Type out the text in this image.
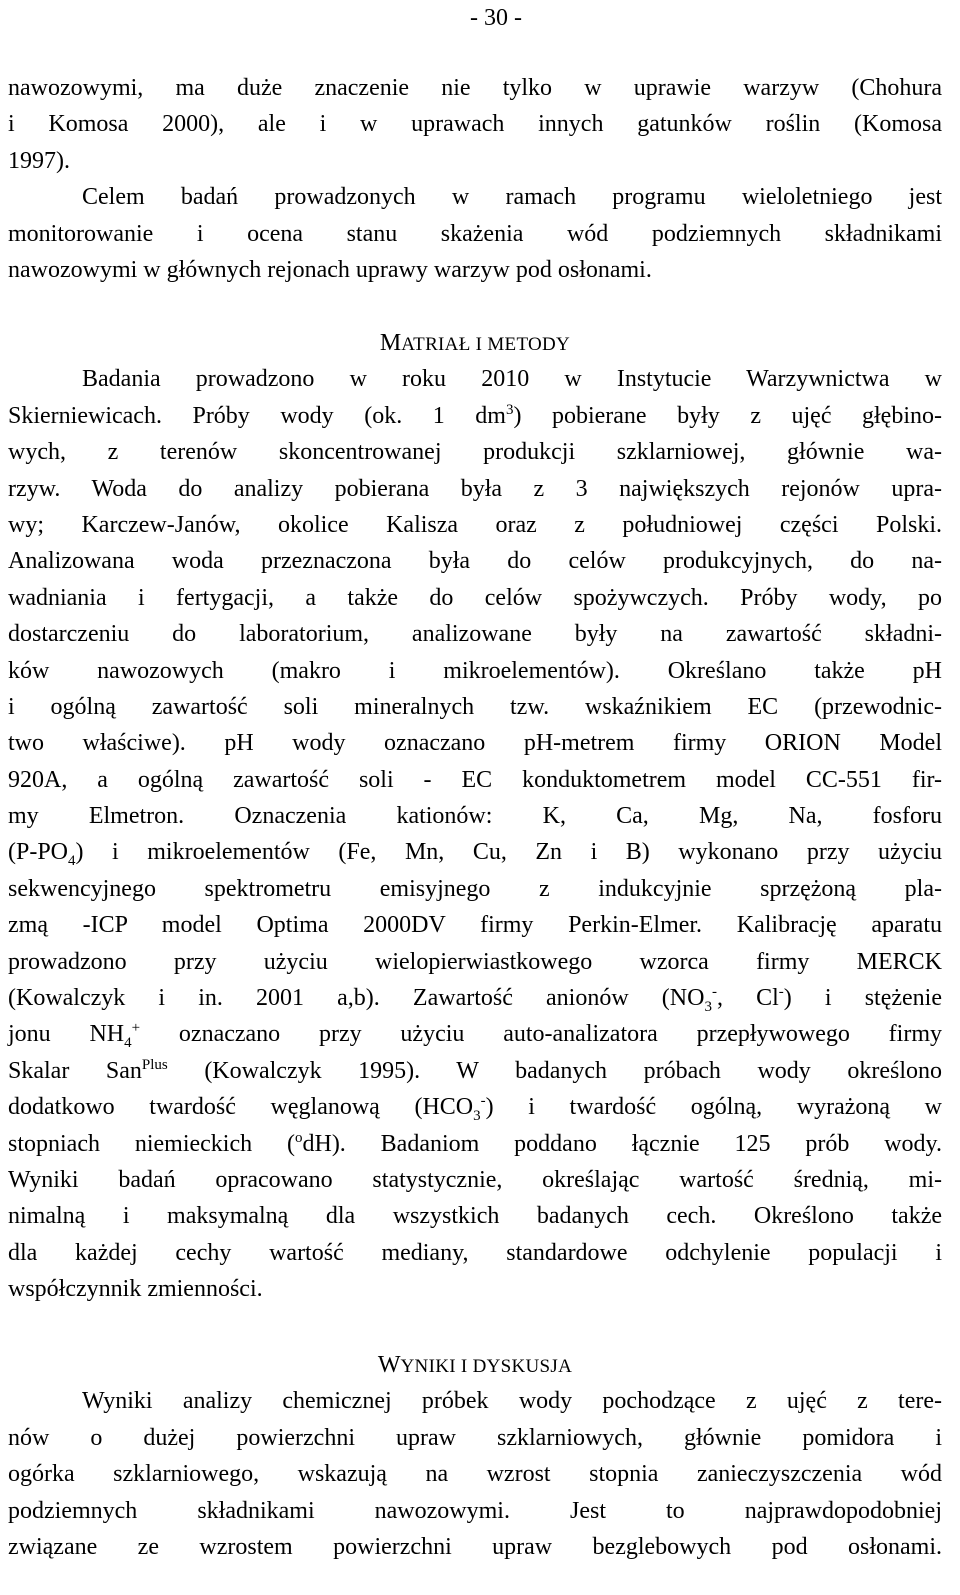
- 30 -
nawozowymi, ma duże znaczenie nie tylko w uprawie warzyw (Chohura
i Komosa 2000), ale i w uprawach innych gatunków roślin (Komosa
1997).
Celem badań prowadzonych w ramach programu wieloletniego jest
monitorowanie i ocena stanu skażenia wód podziemnych składnikami
nawozowymi w głównych rejonach uprawy warzyw pod osłonami.
MATRIAŁ I METODY
Badania prowadzono w roku 2010 w Instytucie Warzywnictwa w
Skierniewicach. Próby wody (ok. 1 $dm^3$) pobierane były z ujęć głębino-
wych, z terenów skoncentrowanej produkcji szklarniowej, głównie wa-
rzyw. Woda do analizy pobierana była z 3 największych rejonów upra-
wy; Karczew-Janów, okolice Kalisza oraz z południowej części Polski.
Analizowana woda przeznaczona była do celów produkcyjnych, do na-
wadniania i fertygacji, a także do celów spożywczych. Próby wody, po
dostarczeniu do laboratorium, analizowane były na zawartość składni-
ków nawozowych (makro i mikroelementów). Określano także pH
i ogólną zawartość soli mineralnych tzw. wskaźnikiem EC (przewodnic-
two właściwe). pH wody oznaczano pH-metrem firmy ORION Model
920A, a ogólną zawartość soli - EC konduktometrem model CC-551 fir-
my Elmetron. Oznaczenia kationów: K, Ca, Mg, Na, fosforu
$(P-PO_4)$ i mikroelementów (Fe, Mn, Cu, Zn i B) wykonano przy użyciu
sekwencyjnego spektrometru emisyjnego z indukcyjnie sprzężoną pla-
zmą -ICP model Optima 2000DV firmy Perkin-Elmer. Kalibrację aparatu
prowadzono przy użyciu wielopierwiastkowego wzorca firmy MERCK
(Kowalczyk i in. 2001 a,b). Zawartość anionów ($NO_3^-$, Cl-) i stężenie
jonu $NH_4^+$ oznaczano przy użyciu auto-analizatora przepływowego firmy
Skalar San$^{Plus}$ (Kowalczyk 1995). W badanych próbach wody określono
dodatkowo twardość węglanową $(HCO_3^-)$ i twardość ogólną, wyrażoną w
stopniach niemieckich ($^o$dH). Badaniom poddano łącznie 125 prób wody.
Wyniki badań opracowano statystycznie, określając wartość średnią, mi-
nimalną i maksymalną dla wszystkich badanych cech. Określono także
dla każdej cechy wartość mediany, standardowe odchylenie populacji i
współczynnik zmienności.
WYNIKI I DYSKUSJA
Wyniki analizy chemicznej próbek wody pochodzące z ujęć z tere-
nów o dużej powierzchni upraw szklarniowych, głównie pomidora i
ogórka szklarniowego, wskazują na wzrost stopnia zanieczyszczenia wód
podziemnych składnikami nawozowymi. Jest to najprawdopodobniej
związane ze wzrostem powierzchni upraw bezglebowych pod osłonami.
